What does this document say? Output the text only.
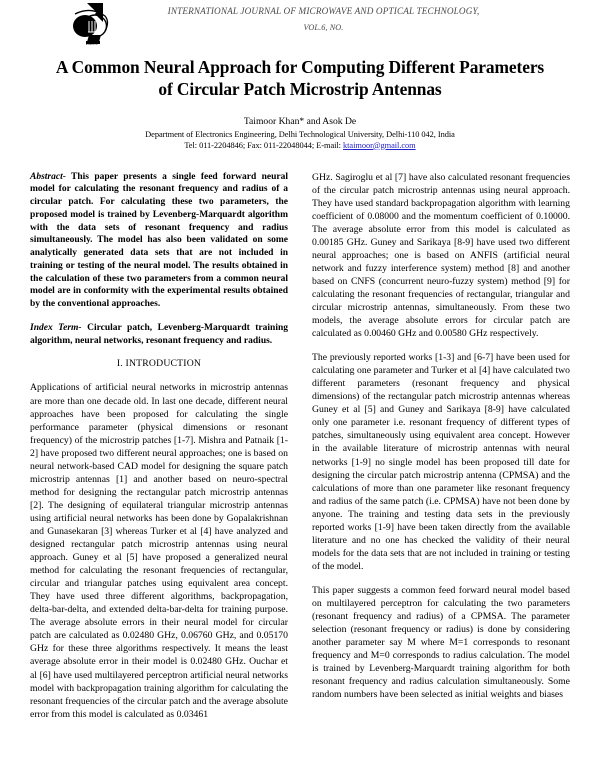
IJMOT
INTERNATIONAL JOURNAL OF MICROWAVE AND OPTICAL TECHNOLOGY,
VOL.6, NO.
A Common Neural Approach for Computing Different Parameters of Circular Patch Microstrip Antennas
Taimoor Khan* and Asok De
Department of Electronics Engineering, Delhi Technological University, Delhi-110 042, India
Tel: 011-2204846; Fax: 011-22048044; E-mail: ktaimoor@gmail.com

Abstract- This paper presents a single feed forward neural model for calculating the resonant frequency and radius of a circular patch. For calculating these two parameters, the proposed model is trained by Levenberg-Marquardt algorithm with the data sets of resonant frequency and radius simultaneously. The model has also been validated on some analytically generated data sets that are not included in training or testing of the neural model. The results obtained in the calculation of these two parameters from a common neural model are in conformity with the experimental results obtained by the conventional approaches.

Index Term- Circular patch, Levenberg-Marquardt training algorithm, neural networks, resonant frequency and radius.

I. INTRODUCTION

Applications of artificial neural networks in microstrip antennas are more than one decade old. In last one decade, different neural approaches have been proposed for calculating the single performance parameter (physical dimensions or resonant frequency) of the microstrip patches [1-7]. Mishra and Patnaik [1-2] have proposed two different neural approaches; one is based on neural network-based CAD model for designing the square patch microstrip antennas [1] and another based on neuro-spectral method for designing the rectangular patch microstrip antennas [2]. The designing of equilateral triangular microstrip antennas using artificial neural networks has been done by Gopalakrishnan and Gunasekaran [3] whereas Turker et al [4] have analyzed and designed rectangular patch microstrip antennas using neural approach. Guney et al [5] have proposed a generalized neural method for calculating the resonant frequencies of rectangular, circular and triangular patches using equivalent area concept. They have used three different algorithms, backpropagation, delta-bar-delta, and extended delta-bar-delta for training purpose. The average absolute errors in their neural model for circular patch are calculated as 0.02480 GHz, 0.06760 GHz, and 0.05170 GHz for these three algorithms respectively. It means the least average absolute error in their model is 0.02480 GHz. Ouchar et al [6] have used multilayered perceptron artificial neural networks model with backpropagation training algorithm for calculating the resonant frequencies of the circular patch and the average absolute error from this model is calculated as 0.03461

GHz. Sagiroglu et al [7] have also calculated resonant frequencies of the circular patch microstrip antennas using neural approach. They have used standard backpropagation algorithm with learning coefficient of 0.08000 and the momentum coefficient of 0.10000. The average absolute error from this model is calculated as 0.00185 GHz. Guney and Sarikaya [8-9] have used two different neural approaches; one is based on ANFIS (artificial neural network and fuzzy interference system) method [8] and another based on CNFS (concurrent neuro-fuzzy system) method [9] for calculating the resonant frequencies of rectangular, triangular and circular microstrip antennas, simultaneously. From these two models, the average absolute errors for circular patch are calculated as 0.00460 GHz and 0.00580 GHz respectively.

The previously reported works [1-3] and [6-7] have been used for calculating one parameter and Turker et al [4] have calculated two different parameters (resonant frequency and physical dimensions) of the rectangular patch microstrip antennas whereas Guney et al [5] and Guney and Sarikaya [8-9] have calculated only one parameter i.e. resonant frequency of different types of patches, simultaneously using equivalent area concept. However in the available literature of microstrip antennas with neural networks [1-9] no single model has been proposed till date for designing the circular patch microstrip antenna (CPMSA) and the calculations of more than one parameter like resonant frequency and radius of the same patch (i.e. CPMSA) have not been done by anyone. The training and testing data sets in the previously reported works [1-9] have been taken directly from the available literature and no one has checked the validity of their neural models for the data sets that are not included in training or testing of the model.

This paper suggests a common feed forward neural model based on multilayered perceptron for calculating the two parameters (resonant frequency and radius) of a CPMSA. The parameter selection (resonant frequency or radius) is done by considering another parameter say M where M=1 corresponds to resonant frequency and M=0 corresponds to radius calculation. The model is trained by Levenberg-Marquardt training algorithm for both resonant frequency and radius calculation simultaneously. Some random numbers have been selected as initial weights and biases
